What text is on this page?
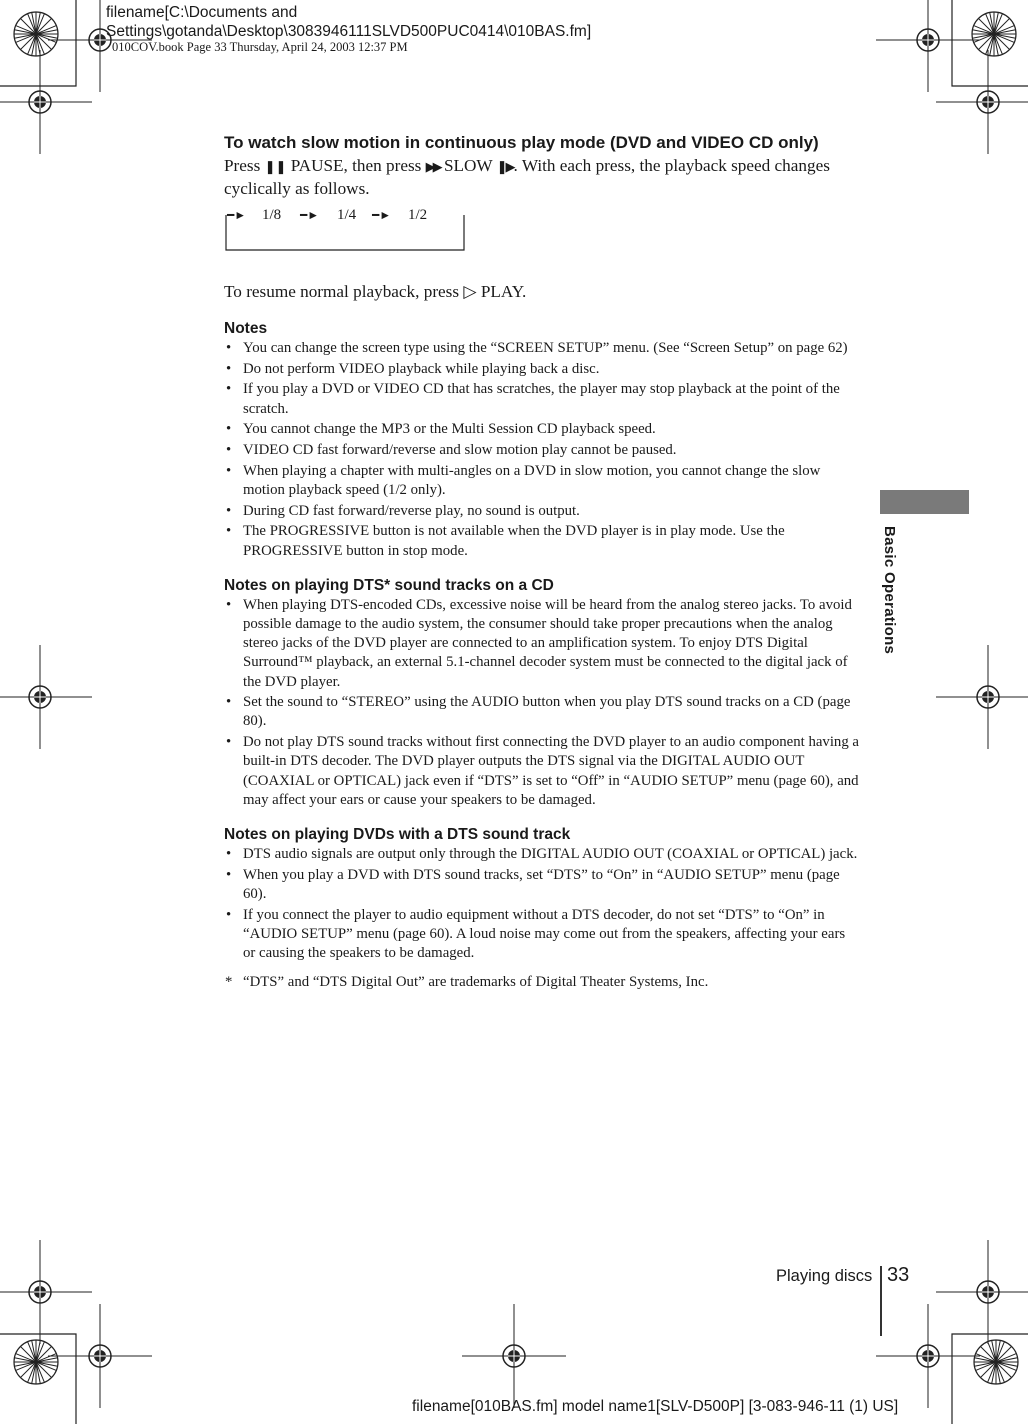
filename[C:\Documents and
Settings\gotanda\Desktop\3083946111SLVD500PUC0414\010BAS.fm]
010COV.book Page 33 Thursday, April 24, 2003 12:37 PM
To watch slow motion in continuous play mode (DVD and VIDEO CD only)

Press ❚❚ PAUSE, then press ▶▶ SLOW ❚▶. With each press, the playback speed changes cyclically as follows.

━► 1/8 ━► 1/4 ━► 1/2

To resume normal playback, press ▷ PLAY.

Notes
• You can change the screen type using the “SCREEN SETUP” menu. (See “Screen Setup” on page 62)
• Do not perform VIDEO playback while playing back a disc.
• If you play a DVD or VIDEO CD that has scratches, the player may stop playback at the point of the scratch.
• You cannot change the MP3 or the Multi Session CD playback speed.
• VIDEO CD fast forward/reverse and slow motion play cannot be paused.
• When playing a chapter with multi-angles on a DVD in slow motion, you cannot change the slow motion playback speed (1/2 only).
• During CD fast forward/reverse play, no sound is output.
• The PROGRESSIVE button is not available when the DVD player is in play mode. Use the PROGRESSIVE button in stop mode.
Notes on playing DTS* sound tracks on a CD
• When playing DTS-encoded CDs, excessive noise will be heard from the analog stereo jacks. To avoid possible damage to the audio system, the consumer should take proper precautions when the analog stereo jacks of the DVD player are connected to an amplification system. To enjoy DTS Digital Surround™ playback, an external 5.1-channel decoder system must be connected to the digital jack of the DVD player.
• Set the sound to “STEREO” using the AUDIO button when you play DTS sound tracks on a CD (page 80).
• Do not play DTS sound tracks without first connecting the DVD player to an audio component having a built-in DTS decoder. The DVD player outputs the DTS signal via the DIGITAL AUDIO OUT (COAXIAL or OPTICAL) jack even if “DTS” is set to “Off” in “AUDIO SETUP” menu (page 60), and may affect your ears or cause your speakers to be damaged.
Notes on playing DVDs with a DTS sound track
• DTS audio signals are output only through the DIGITAL AUDIO OUT (COAXIAL or OPTICAL) jack.
• When you play a DVD with DTS sound tracks, set “DTS” to “On” in “AUDIO SETUP” menu (page 60).
• If you connect the player to audio equipment without a DTS decoder, do not set “DTS” to “On” in “AUDIO SETUP” menu (page 60). A loud noise may come out from the speakers, affecting your ears or causing the speakers to be damaged.
* “DTS” and “DTS Digital Out” are trademarks of Digital Theater Systems, Inc.
Basic Operations
Playing discs 33
filename[010BAS.fm] model name1[SLV-D500P] [3-083-946-11 (1) US]
